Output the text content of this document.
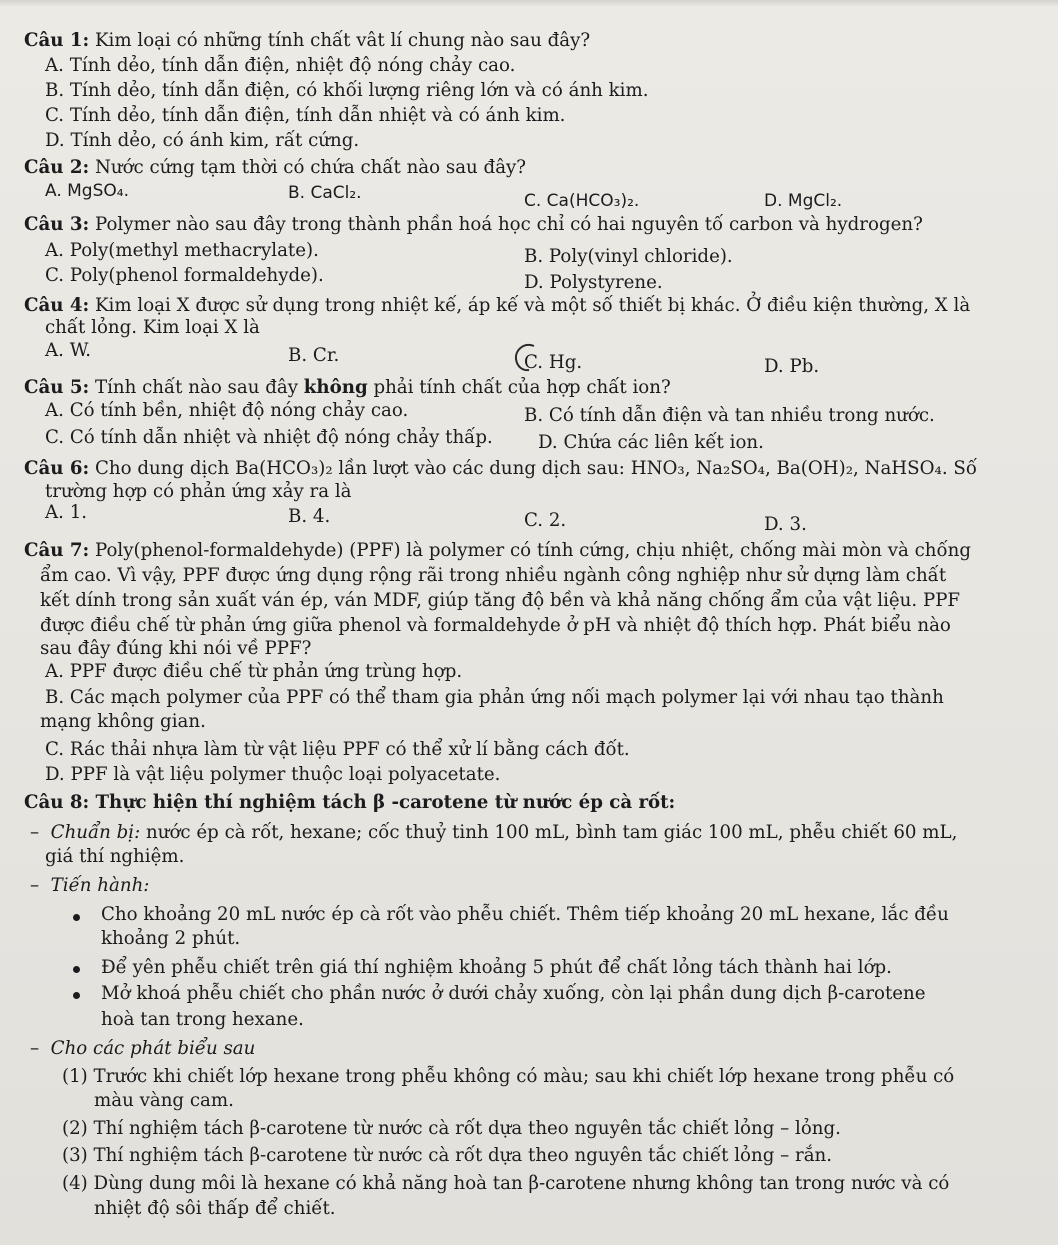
Câu 1: Kim loại có những tính chất vât lí chung nào sau đây?
A. Tính dẻo, tính dẫn điện, nhiệt độ nóng chảy cao.
B. Tính dẻo, tính dẫn điện, có khối lượng riêng lớn và có ánh kim.
C. Tính dẻo, tính dẫn điện, tính dẫn nhiệt và có ánh kim.
D. Tính dẻo, có ánh kim, rất cứng.
Câu 2: Nước cứng tạm thời có chứa chất nào sau đây?
A. MgSO₄.	B. CaCl₂.	C. Ca(HCO₃)₂.	D. MgCl₂.
Câu 3: Polymer nào sau đây trong thành phần hoá học chỉ có hai nguyên tố carbon và hydrogen?
A. Poly(methyl methacrylate).	B. Poly(vinyl chloride).
C. Poly(phenol formaldehyde).	D. Polystyrene.
Câu 4: Kim loại X được sử dụng trong nhiệt kế, áp kế và một số thiết bị khác. Ở điều kiện thường, X là
chất lỏng. Kim loại X là
A. W.	B. Cr.	C. Hg.	D. Pb.
Câu 5: Tính chất nào sau đây không phải tính chất của hợp chất ion?
A. Có tính bền, nhiệt độ nóng chảy cao.	B. Có tính dẫn điện và tan nhiều trong nước.
C. Có tính dẫn nhiệt và nhiệt độ nóng chảy thấp. D. Chứa các liên kết ion.
Câu 6: Cho dung dịch Ba(HCO₃)₂ lần lượt vào các dung dịch sau: HNO₃, Na₂SO₄, Ba(OH)₂, NaHSO₄. Số
trường hợp có phản ứng xảy ra là
A. 1.	B. 4.	C. 2.	D. 3.
Câu 7: Poly(phenol-formaldehyde) (PPF) là polymer có tính cứng, chịu nhiệt, chống mài mòn và chống
ẩm cao. Vì vậy, PPF được ứng dụng rộng rãi trong nhiều ngành công nghiệp như sử dựng làm chất
kết dính trong sản xuất ván ép, ván MDF, giúp tăng độ bền và khả năng chống ẩm của vật liệu. PPF
được điều chế từ phản ứng giữa phenol và formaldehyde ở pH và nhiệt độ thích hợp. Phát biểu nào
sau đây đúng khi nói về PPF?
A. PPF được điều chế từ phản ứng trùng hợp.
B. Các mạch polymer của PPF có thể tham gia phản ứng nối mạch polymer lại với nhau tạo thành
mạng không gian.
C. Rác thải nhựa làm từ vật liệu PPF có thể xử lí bằng cách đốt.
D. PPF là vật liệu polymer thuộc loại polyacetate.
Câu 8: Thực hiện thí nghiệm tách β -carotene từ nước ép cà rốt:
– Chuẩn bị: nước ép cà rốt, hexane; cốc thuỷ tinh 100 mL, bình tam giác 100 mL, phễu chiết 60 mL,
giá thí nghiệm.
– Tiến hành:
Cho khoảng 20 mL nước ép cà rốt vào phễu chiết. Thêm tiếp khoảng 20 mL hexane, lắc đều
khoảng 2 phút.
Để yên phễu chiết trên giá thí nghiệm khoảng 5 phút để chất lỏng tách thành hai lớp.
Mở khoá phễu chiết cho phần nước ở dưới chảy xuống, còn lại phần dung dịch β-carotene
hoà tan trong hexane.
– Cho các phát biểu sau
(1) Trước khi chiết lớp hexane trong phễu không có màu; sau khi chiết lớp hexane trong phễu có
màu vàng cam.
(2) Thí nghiệm tách β-carotene từ nước cà rốt dựa theo nguyên tắc chiết lỏng – lỏng.
(3) Thí nghiệm tách β-carotene từ nước cà rốt dựa theo nguyên tắc chiết lỏng – rắn.
(4) Dùng dung môi là hexane có khả năng hoà tan β-carotene nhưng không tan trong nước và có
nhiệt độ sôi thấp để chiết.
